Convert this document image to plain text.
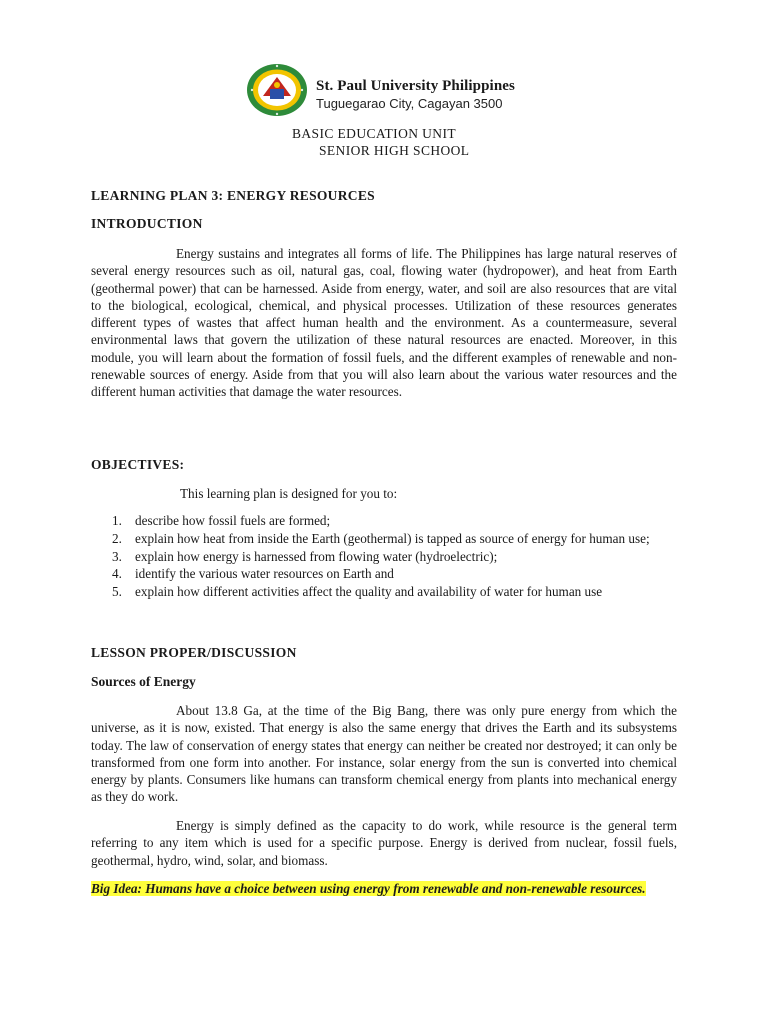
St. Paul University Philippines
Tuguegarao City, Cagayan 3500
BASIC EDUCATION UNIT
SENIOR HIGH SCHOOL
LEARNING PLAN 3: ENERGY RESOURCES
INTRODUCTION

Energy sustains and integrates all forms of life. The Philippines has large natural reserves of several energy resources such as oil, natural gas, coal, flowing water (hydropower), and heat from Earth (geothermal power) that can be harnessed. Aside from energy, water, and soil are also resources that are vital to the biological, ecological, chemical, and physical processes. Utilization of these resources generates different types of wastes that affect human health and the environment. As a countermeasure, several environmental laws that govern the utilization of these natural resources are enacted. Moreover, in this module, you will learn about the formation of fossil fuels, and the different examples of renewable and non-renewable sources of energy. Aside from that you will also learn about the various water resources and the different human activities that damage the water resources.

OBJECTIVES:
This learning plan is designed for you to:
1. describe how fossil fuels are formed;
2. explain how heat from inside the Earth (geothermal) is tapped as source of energy for human use;
3. explain how energy is harnessed from flowing water (hydroelectric);
4. identify the various water resources on Earth and
5. explain how different activities affect the quality and availability of water for human use
LESSON PROPER/DISCUSSION
Sources of Energy

About 13.8 Ga, at the time of the Big Bang, there was only pure energy from which the universe, as it is now, existed. That energy is also the same energy that drives the Earth and its subsystems today. The law of conservation of energy states that energy can neither be created nor destroyed; it can only be transformed from one form into another. For instance, solar energy from the sun is converted into chemical energy by plants. Consumers like humans can transform chemical energy from plants into mechanical energy as they do work.

Energy is simply defined as the capacity to do work, while resource is the general term referring to any item which is used for a specific purpose. Energy is derived from nuclear, fossil fuels, geothermal, hydro, wind, solar, and biomass.

Big Idea: Humans have a choice between using energy from renewable and non-renewable resources.
